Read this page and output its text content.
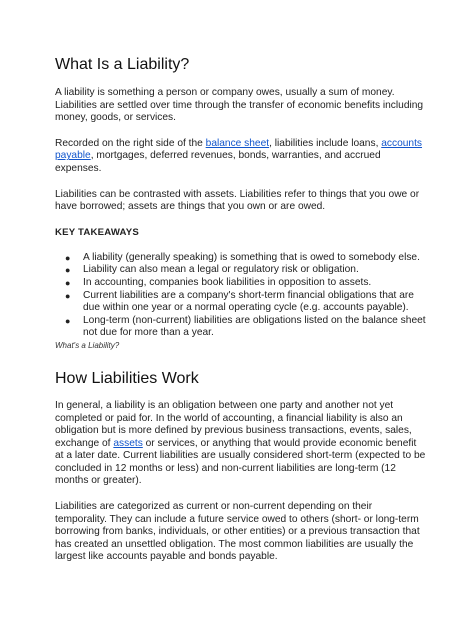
What Is a Liability?

A liability is something a person or company owes, usually a sum of money. Liabilities are settled over time through the transfer of economic benefits including money, goods, or services.

Recorded on the right side of the balance sheet, liabilities include loans, accounts payable, mortgages, deferred revenues, bonds, warranties, and accrued expenses.

Liabilities can be contrasted with assets. Liabilities refer to things that you owe or have borrowed; assets are things that you own or are owed.

KEY TAKEAWAYS
● A liability (generally speaking) is something that is owed to somebody else.
● Liability can also mean a legal or regulatory risk or obligation.
● In accounting, companies book liabilities in opposition to assets.
● Current liabilities are a company's short-term financial obligations that are due within one year or a normal operating cycle (e.g. accounts payable).
● Long-term (non-current) liabilities are obligations listed on the balance sheet not due for more than a year.
What's a Liability?
How Liabilities Work

In general, a liability is an obligation between one party and another not yet completed or paid for. In the world of accounting, a financial liability is also an obligation but is more defined by previous business transactions, events, sales, exchange of assets or services, or anything that would provide economic benefit at a later date. Current liabilities are usually considered short-term (expected to be concluded in 12 months or less) and non-current liabilities are long-term (12 months or greater).

Liabilities are categorized as current or non-current depending on their temporality. They can include a future service owed to others (short- or long-term borrowing from banks, individuals, or other entities) or a previous transaction that has created an unsettled obligation. The most common liabilities are usually the largest like accounts payable and bonds payable.
